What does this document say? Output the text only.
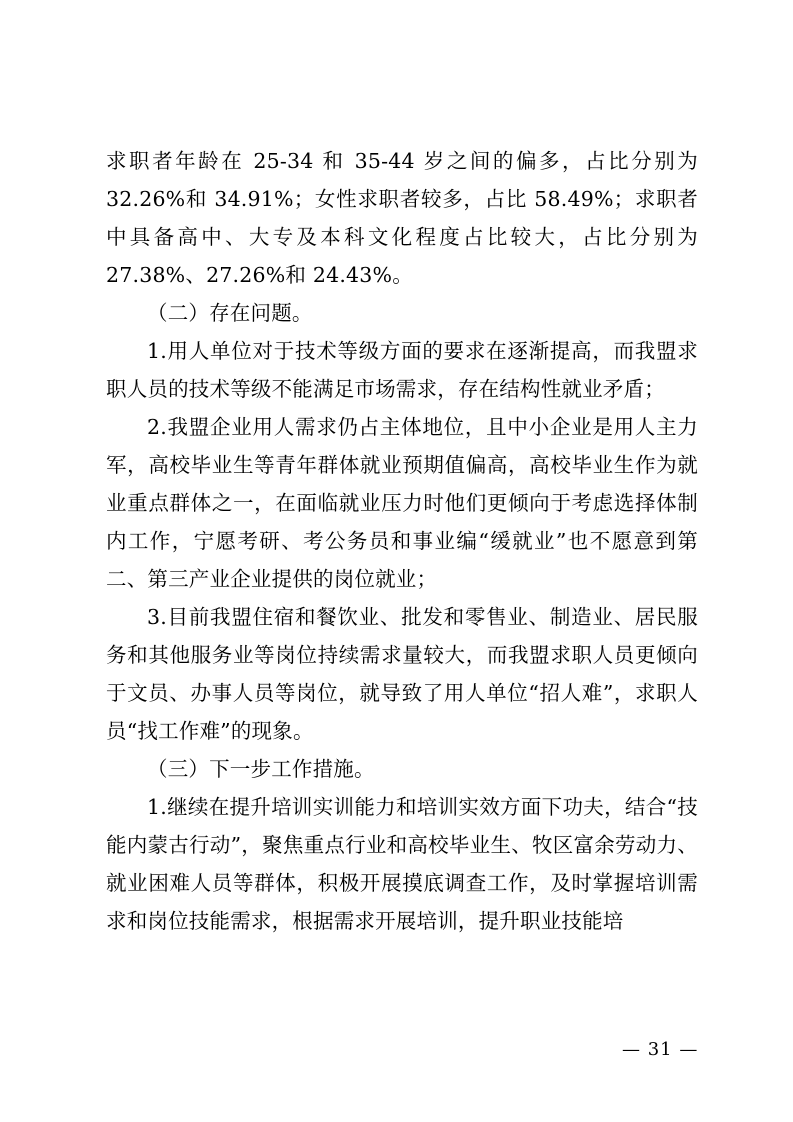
求职者年龄在 25-34 和 35-44 岁之间的偏多，占比分别为 32.26%和 34.91%；女性求职者较多，占比 58.49%；求职者中具备高中、大专及本科文化程度占比较大，占比分别为 27.38%、27.26%和 24.43%。

（二）存在问题。

1.用人单位对于技术等级方面的要求在逐渐提高，而我盟求职人员的技术等级不能满足市场需求，存在结构性就业矛盾；

2.我盟企业用人需求仍占主体地位，且中小企业是用人主力军，高校毕业生等青年群体就业预期值偏高，高校毕业生作为就业重点群体之一，在面临就业压力时他们更倾向于考虑选择体制内工作，宁愿考研、考公务员和事业编“缓就业”也不愿意到第二、第三产业企业提供的岗位就业；

3.目前我盟住宿和餐饮业、批发和零售业、制造业、居民服务和其他服务业等岗位持续需求量较大，而我盟求职人员更倾向于文员、办事人员等岗位，就导致了用人单位“招人难”，求职人员“找工作难”的现象。

（三）下一步工作措施。

1.继续在提升培训实训能力和培训实效方面下功夫，结合“技能内蒙古行动”，聚焦重点行业和高校毕业生、牧区富余劳动力、就业困难人员等群体，积极开展摸底调查工作，及时掌握培训需求和岗位技能需求，根据需求开展培训，提升职业技能培

— 31 —
